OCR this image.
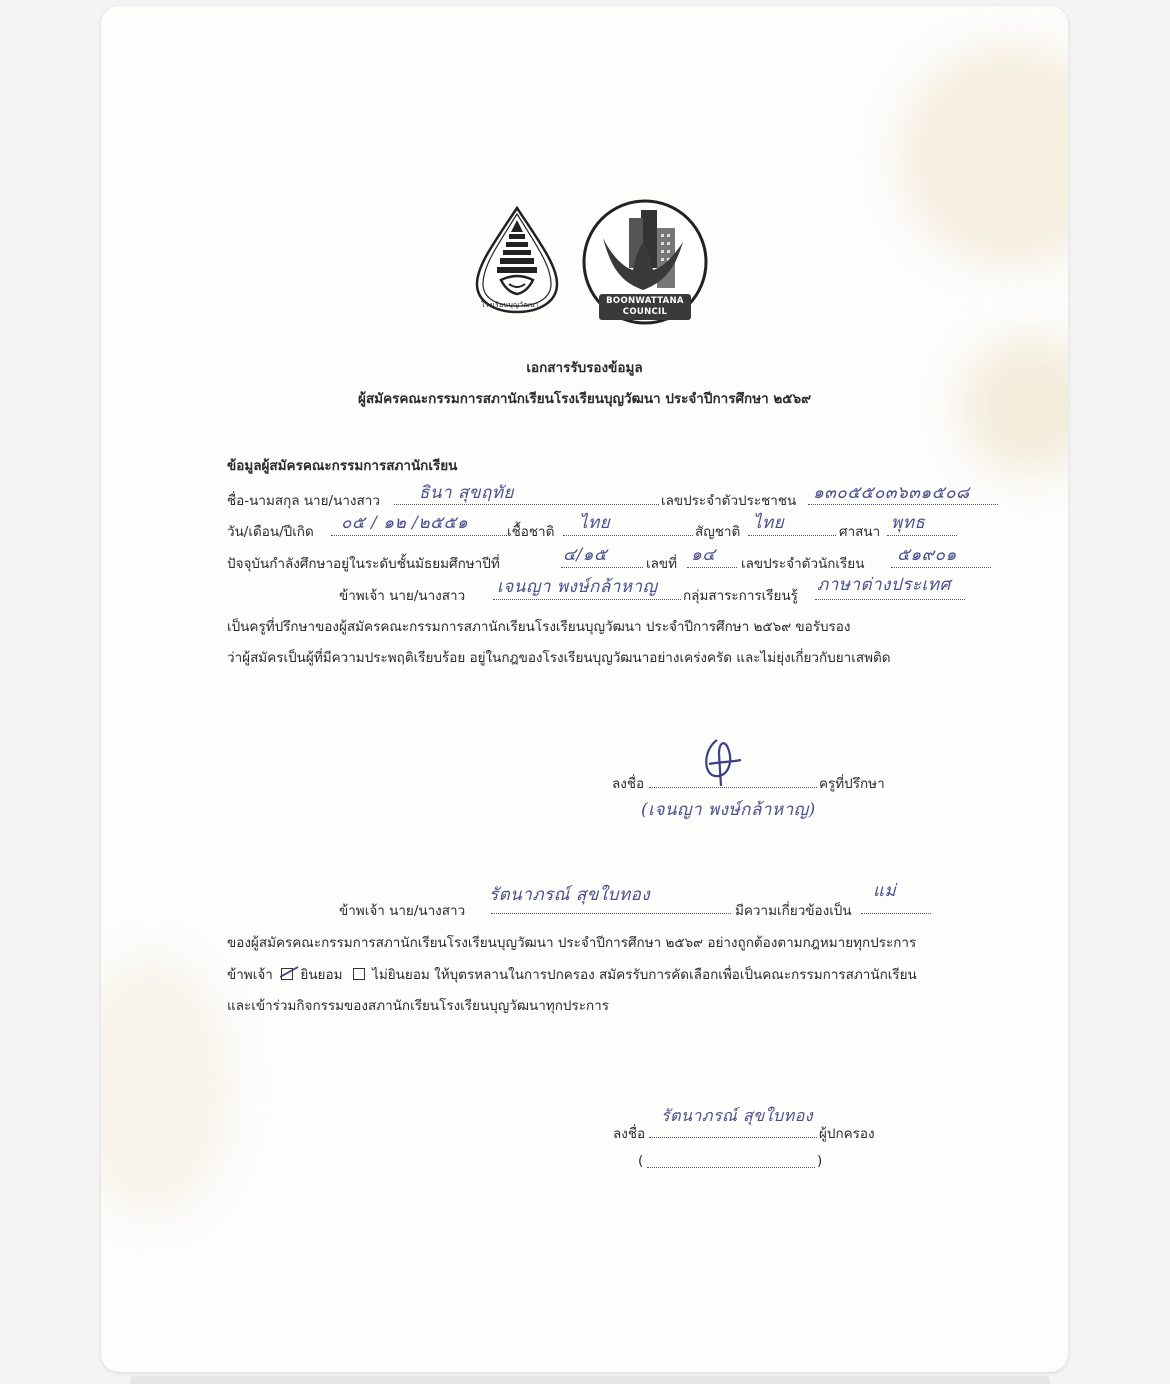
โรงเรียนบุญวัฒนา	BOONWATTANA
COUNCIL
เอกสารรับรองข้อมูล
ผู้สมัครคณะกรรมการสภานักเรียนโรงเรียนบุญวัฒนา ประจำปีการศึกษา ๒๕๖๙
ข้อมูลผู้สมัครคณะกรรมการสภานักเรียน
ชื่อ-นามสกุล นาย/นางสาว ธินา สุขฤทัย	เลขประจำตัวประชาชน ๑๓๐๕๕๐๓๖๓๑๕๐๘
วัน/เดือน/ปีเกิด ๐๕ / ๑๒ /๒๕๕๑	เชื้อชาติ ไทย	สัญชาติ ไทย	ศาสนา พุทธ
ปัจจุบันกำลังศึกษาอยู่ในระดับชั้นมัธยมศึกษาปีที่	๔/๑๕	เลขที่ ๑๔ เลขประจำตัวนักเรียน ๕๑๙๐๑
ข้าพเจ้า นาย/นางสาว เจนญา พงษ์กล้าหาญ กลุ่มสาระการเรียนรู้
ภาษาต่างประเทศ
เป็นครูที่ปรึกษาของผู้สมัครคณะกรรมการสภานักเรียนโรงเรียนบุญวัฒนา ประจำปีการศึกษา ๒๕๖๙ ขอรับรอง
ว่าผู้สมัครเป็นผู้ที่มีความประพฤติเรียบร้อย อยู่ในกฎของโรงเรียนบุญวัฒนาอย่างเคร่งครัด และไม่ยุ่งเกี่ยวกับยาเสพติด
ลงชื่อ	ครูที่ปรึกษา
(เจนญา พงษ์กล้าหาญ)
ข้าพเจ้า นาย/นางสาว
รัตนาภรณ์ สุขใบทอง
มีความเกี่ยวข้องเป็น
แม่
ของผู้สมัครคณะกรรมการสภานักเรียนโรงเรียนบุญวัฒนา ประจำปีการศึกษา ๒๕๖๙ อย่างถูกต้องตามกฎหมายทุกประการ
ข้าพเจ้า ยินยอม ไม่ยินยอม ให้บุตรหลานในการปกครอง สมัครรับการคัดเลือกเพื่อเป็นคณะกรรมการสภานักเรียน
และเข้าร่วมกิจกรรมของสภานักเรียนโรงเรียนบุญวัฒนาทุกประการ
ลงชื่อ
รัตนาภรณ์ สุขใบทอง
ผู้ปกครอง
(	)
